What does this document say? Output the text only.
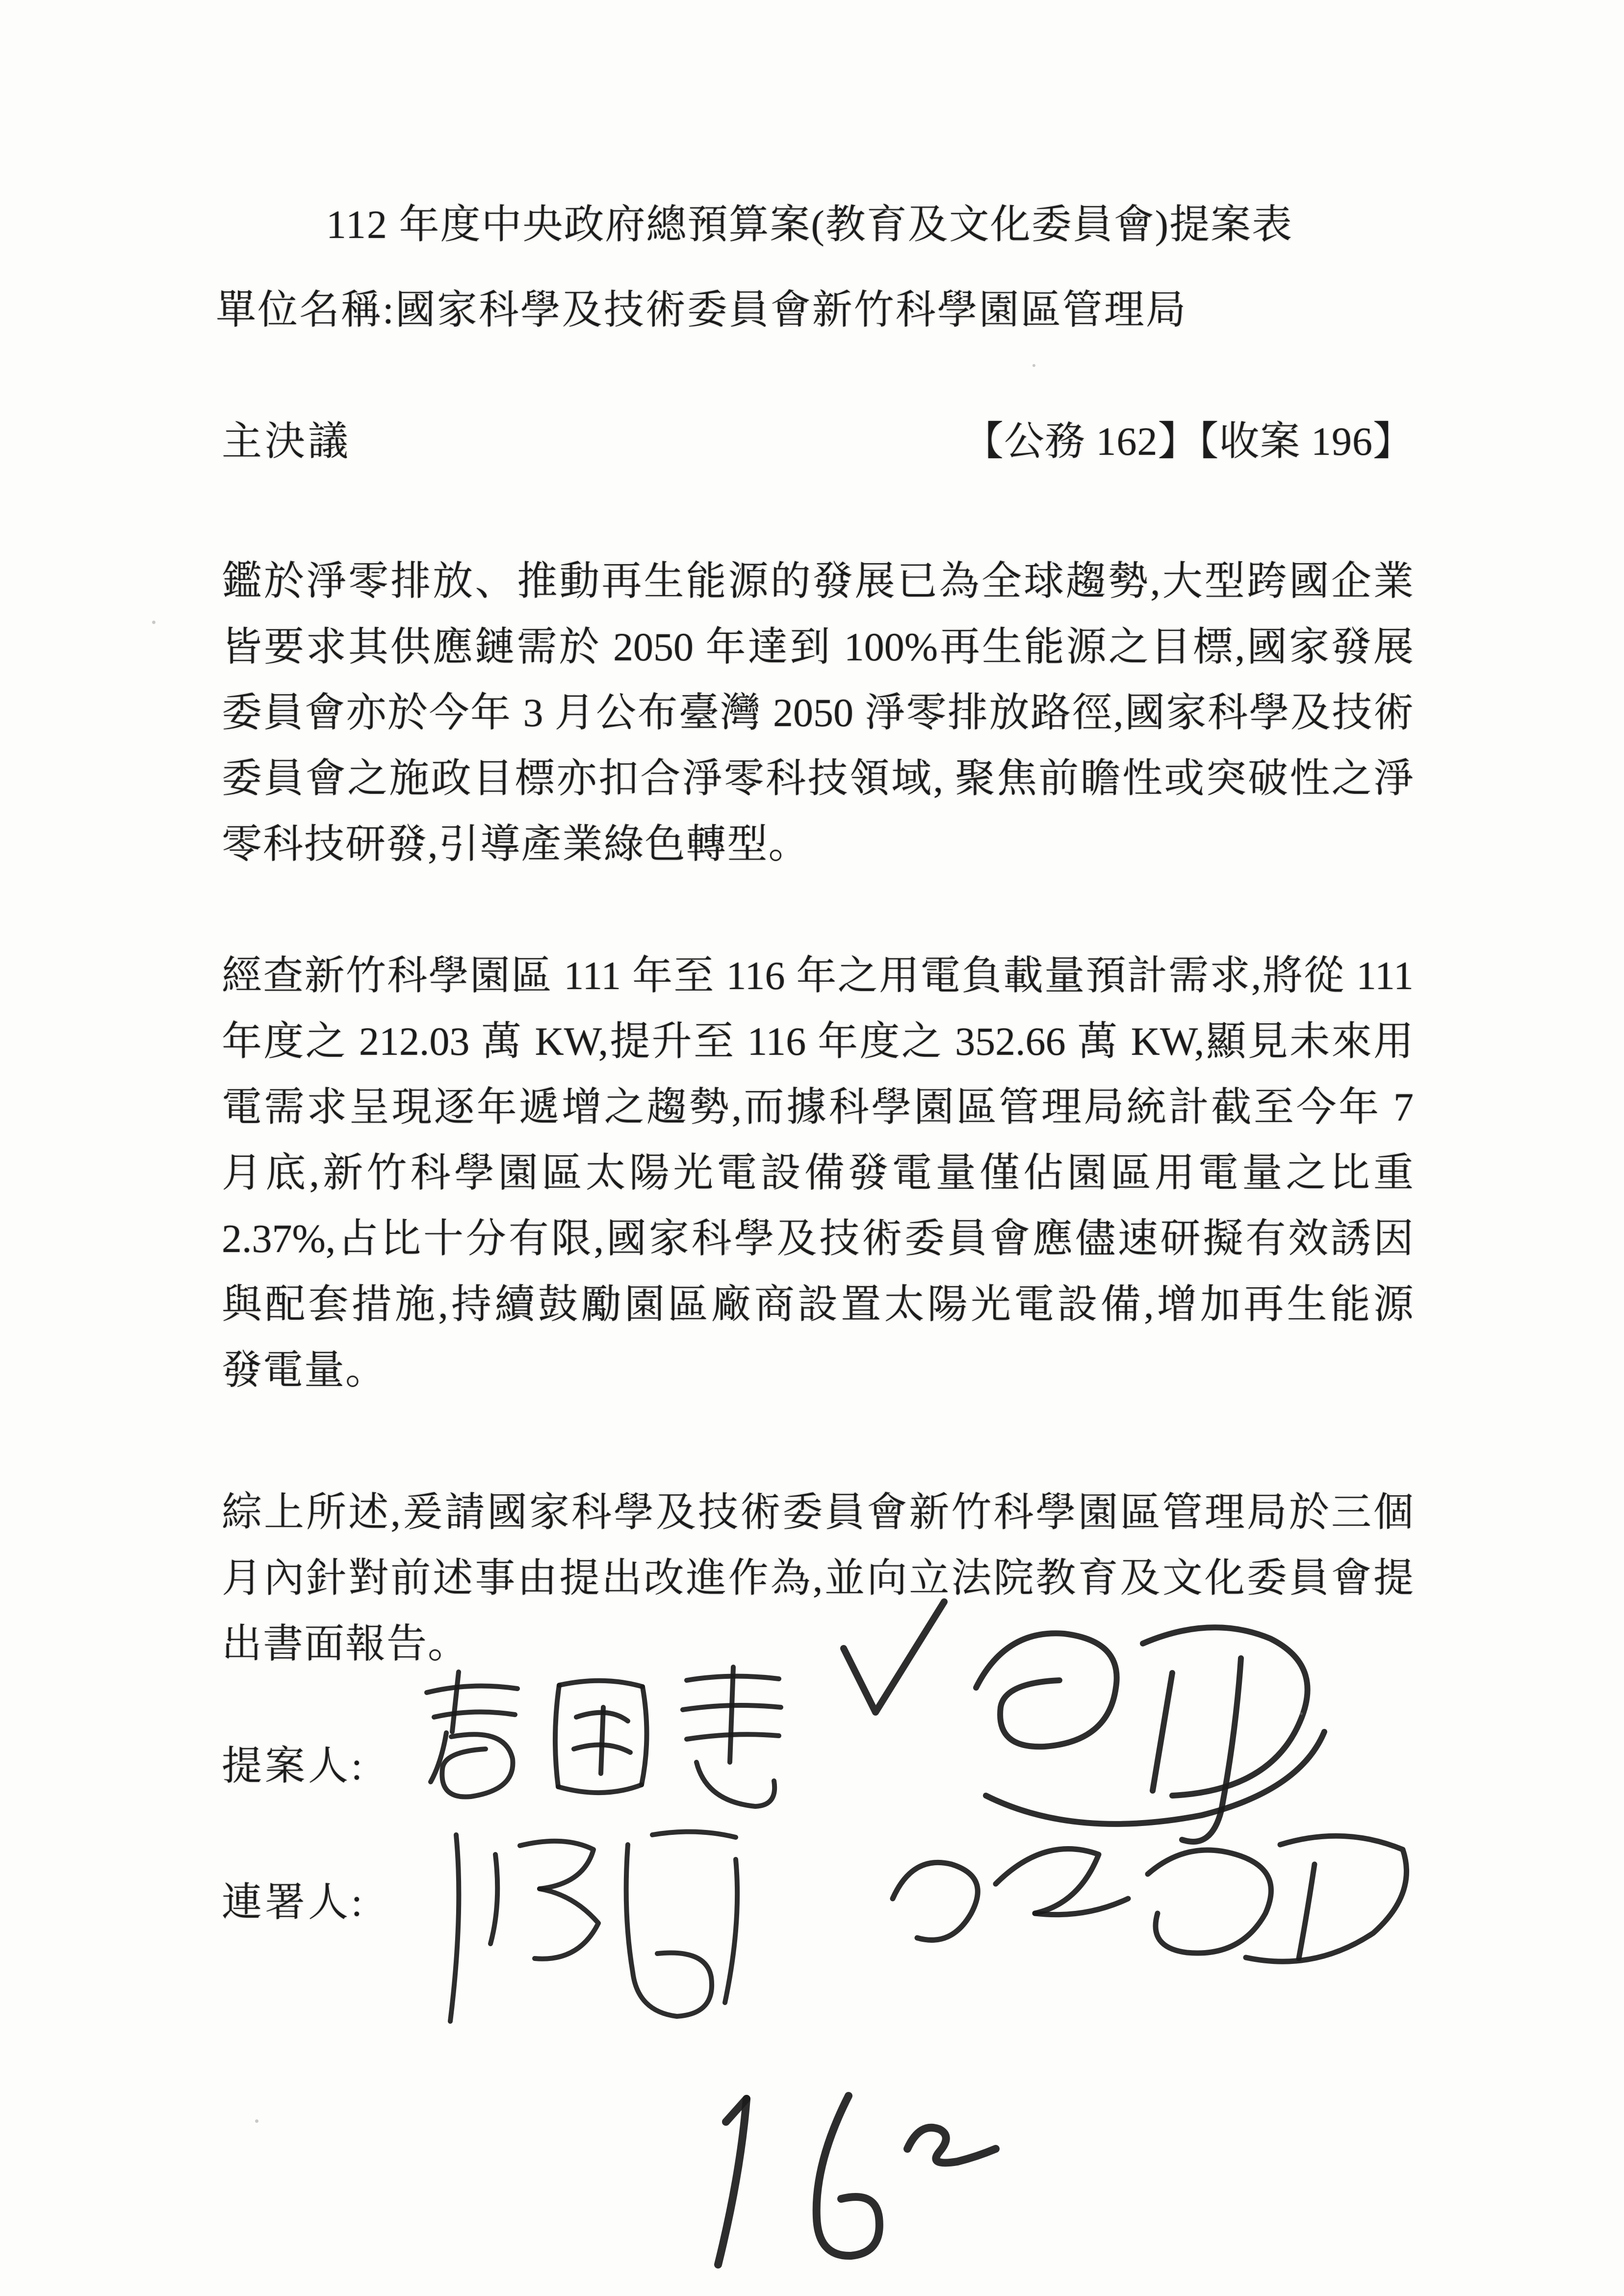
112 年度中央政府總預算案(教育及文化委員會)提案表
單位名稱:國家科學及技術委員會新竹科學園區管理局
主決議	【公務 162】【收案 196】
鑑於淨零排放、推動再生能源的發展已為全球趨勢,大型跨國企業
皆要求其供應鏈需於 2050 年達到 100%再生能源之目標,國家發展
委員會亦於今年 3 月公布臺灣 2050 淨零排放路徑,國家科學及技術
委員會之施政目標亦扣合淨零科技領域, 聚焦前瞻性或突破性之淨
零科技研發,引導產業綠色轉型。
經查新竹科學園區 111 年至 116 年之用電負載量預計需求,將從 111
年度之 212.03 萬 KW,提升至 116 年度之 352.66 萬 KW,顯見未來用
電需求呈現逐年遞增之趨勢,而據科學園區管理局統計截至今年 7
月底,新竹科學園區太陽光電設備發電量僅佔園區用電量之比重
2.37%,占比十分有限,國家科學及技術委員會應儘速研擬有效誘因
與配套措施,持續鼓勵園區廠商設置太陽光電設備,增加再生能源
發電量。
綜上所述,爰請國家科學及技術委員會新竹科學園區管理局於三個
月內針對前述事由提出改進作為,並向立法院教育及文化委員會提
出書面報告。
提案人:
連署人:
